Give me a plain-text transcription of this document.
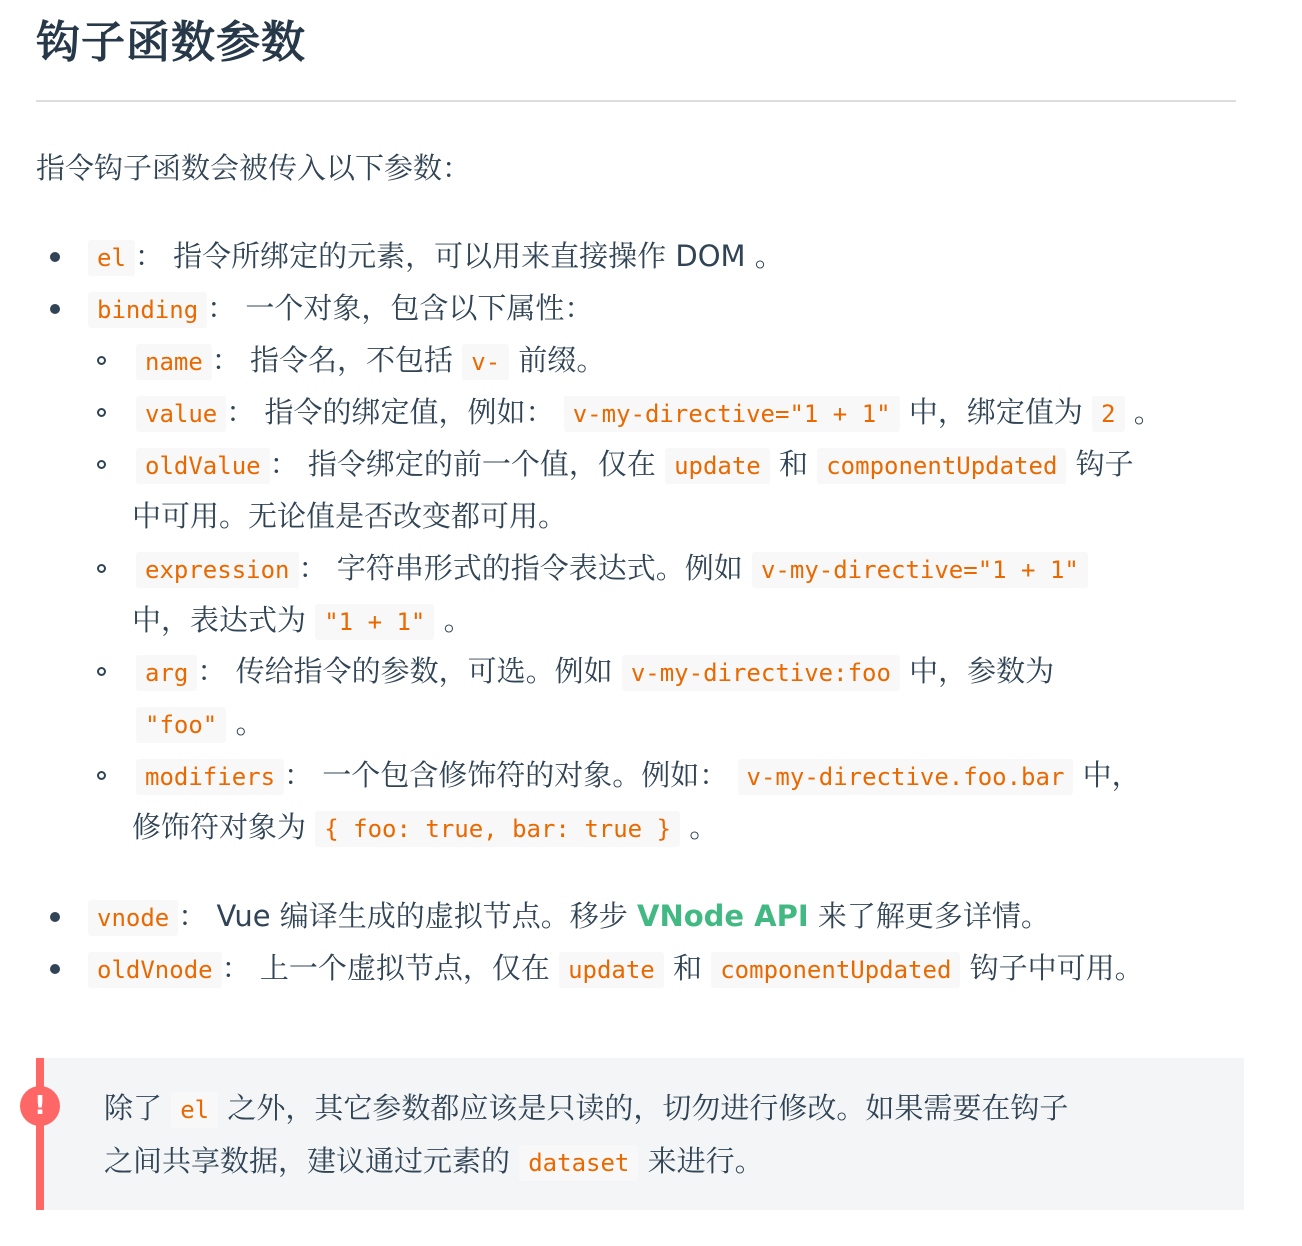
钩子函数参数

指令钩子函数会被传入以下参数：

el ： 指令所绑定的元素，可以用来直接操作 DOM 。
binding ： 一个对象，包含以下属性：
name ： 指令名，不包括 v- 前缀。
value ： 指令的绑定值，例如： v-my-directive="1 + 1" 中，绑定值为 2 。
oldValue ： 指令绑定的前一个值，仅在 update 和 componentUpdated 钩子
中可用。无论值是否改变都可用。
expression ： 字符串形式的指令表达式。例如 v-my-directive="1 + 1"
中，表达式为 "1 + 1" 。
arg ： 传给指令的参数，可选。例如 v-my-directive:foo 中，参数为
"foo" 。
modifiers ： 一个包含修饰符的对象。例如： v-my-directive.foo.bar 中，
修饰符对象为 { foo: true, bar: true } 。
vnode ： Vue 编译生成的虚拟节点。移步 VNode API 来了解更多详情。
oldVnode ： 上一个虚拟节点，仅在 update 和 componentUpdated 钩子中可用。
!	除了 el 之外，其它参数都应该是只读的，切勿进行修改。如果需要在钩子
之间共享数据，建议通过元素的 dataset 来进行。
